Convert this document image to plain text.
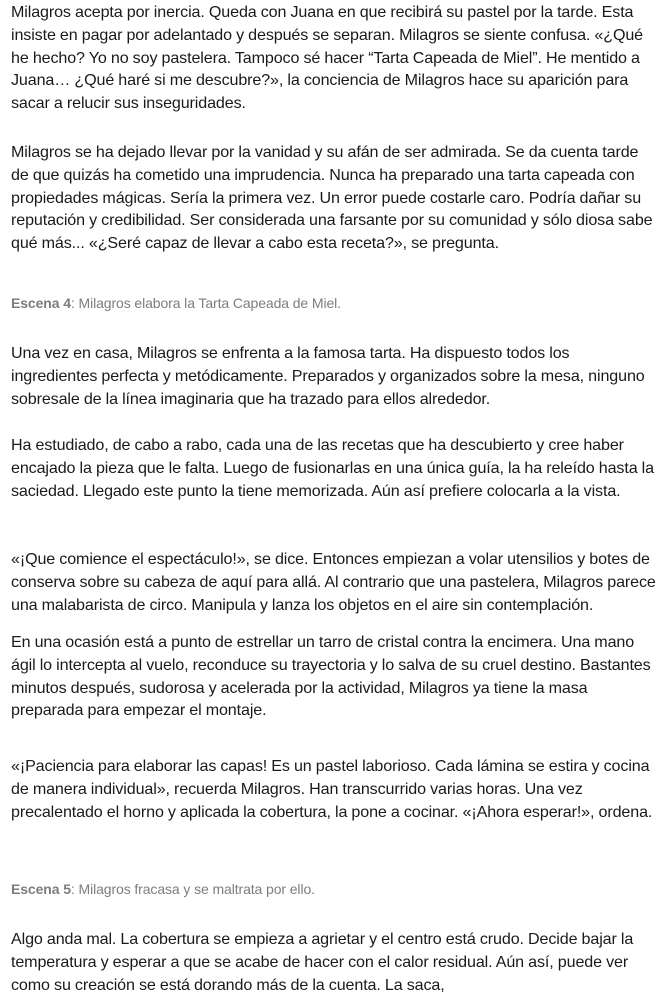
Milagros acepta por inercia. Queda con Juana en que recibirá su pastel por la tarde. Esta insiste en pagar por adelantado y después se separan. Milagros se siente confusa. «¿Qué he hecho? Yo no soy pastelera. Tampoco sé hacer “Tarta Capeada de Miel”. He mentido a Juana… ¿Qué haré si me descubre?», la conciencia de Milagros hace su aparición para sacar a relucir sus inseguridades.

Milagros se ha dejado llevar por la vanidad y su afán de ser admirada. Se da cuenta tarde de que quizás ha cometido una imprudencia. Nunca ha preparado una tarta capeada con propiedades mágicas. Sería la primera vez. Un error puede costarle caro. Podría dañar su reputación y credibilidad. Ser considerada una farsante por su comunidad y sólo diosa sabe qué más... «¿Seré capaz de llevar a cabo esta receta?», se pregunta.

Escena 4: Milagros elabora la Tarta Capeada de Miel.

Una vez en casa, Milagros se enfrenta a la famosa tarta. Ha dispuesto todos los ingredientes perfecta y metódicamente. Preparados y organizados sobre la mesa, ninguno sobresale de la línea imaginaria que ha trazado para ellos alrededor.

Ha estudiado, de cabo a rabo, cada una de las recetas que ha descubierto y cree haber encajado la pieza que le falta. Luego de fusionarlas en una única guía, la ha releído hasta la saciedad. Llegado este punto la tiene memorizada. Aún así prefiere colocarla a la vista.

«¡Que comience el espectáculo!», se dice. Entonces empiezan a volar utensilios y botes de conserva sobre su cabeza de aquí para allá. Al contrario que una pastelera, Milagros parece una malabarista de circo. Manipula y lanza los objetos en el aire sin contemplación.

En una ocasión está a punto de estrellar un tarro de cristal contra la encimera. Una mano ágil lo intercepta al vuelo, reconduce su trayectoria y lo salva de su cruel destino. Bastantes minutos después, sudorosa y acelerada por la actividad, Milagros ya tiene la masa preparada para empezar el montaje.

«¡Paciencia para elaborar las capas! Es un pastel laborioso. Cada lámina se estira y cocina de manera individual», recuerda Milagros. Han transcurrido varias horas. Una vez precalentado el horno y aplicada la cobertura, la pone a cocinar. «¡Ahora esperar!», ordena.

Escena 5: Milagros fracasa y se maltrata por ello.

Algo anda mal. La cobertura se empieza a agrietar y el centro está crudo. Decide bajar la temperatura y esperar a que se acabe de hacer con el calor residual. Aún así, puede ver como su creación se está dorando más de la cuenta. La saca,
